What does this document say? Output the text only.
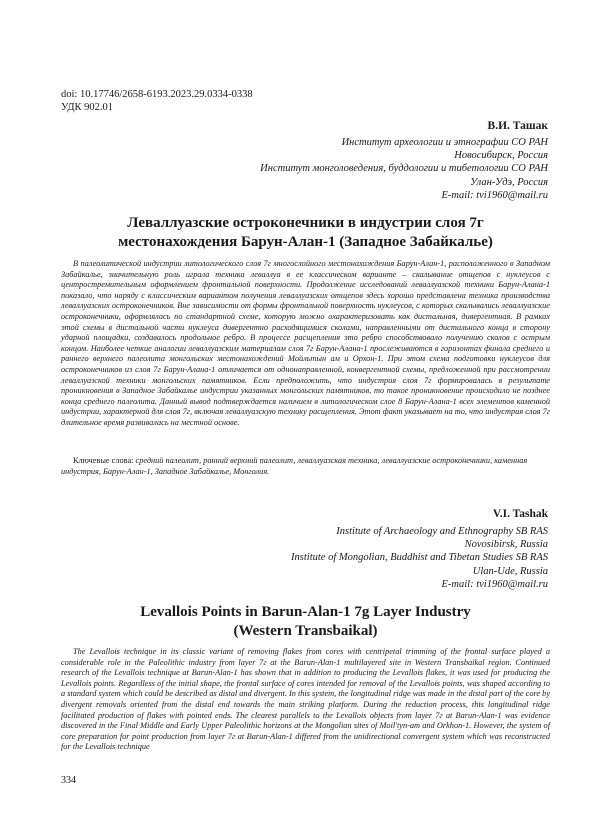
doi: 10.17746/2658-6193.2023.29.0334-0338
УДК 902.01
В.И. Ташак
Институт археологии и этнографии СО РАН
Новосибирск, Россия
Институт монголоведения, буддологии и тибетологии СО РАН
Улан-Удэ, Россия
E-mail: tvi1960@mail.ru
Леваллуазские остроконечники в индустрии слоя 7г
местонахождения Барун-Алан-1 (Западное Забайкалье)

В палеолитической индустрии литологического слоя 7г многослойного местонахождения Барун-Алан-1, расположенного в Западном Забайкалье, значительную роль играла техника леваллуа в ее классическом варианте – скалывание отщепов с нуклеусов с центростремительным оформлением фронтальной поверхности. Продолжение исследований леваллуазской техники Барун-Алана-1 показало, что наряду с классическим вариантом получения леваллуазских отщепов здесь хорошо представлена техника производства леваллуазских остроконечников. Вне зависимости от формы фронтальной поверхность нуклеусов, с которых скалывались леваллуазские остроконечники, оформлялась по стандартной схеме, которую можно охарактеризовать как дистальная, дивергентная. В рамках этой схемы в дистальной части нуклеуса дивергентно расходящимися сколами, направленными от дистального конца в сторону ударной площадки, создавалось продольное ребро. В процессе расщепления это ребро способствовало получению сколов с острым концом. Наиболее четкие аналогии леваллуазским материалам слоя 7г Барун-Алана-1 прослеживаются в горизонтах финала среднего и раннего верхнего палеолита монгольских местонахождений Мойльтын ам и Орхон-1. При этом схема подготовки нуклеусов для остроконечников из слоя 7г Барун-Алана-1 отличается от однонаправленной, конвергентной схемы, предложенной при рассмотрении леваллуазской техники монгольских памятников. Если предположить, что индустрия слоя 7г формировалась в результате проникновения в Западное Забайкалье индустрии указанных монгольских памятников, то такое проникновение происходило не позднее конца среднего палеолита. Данный вывод подтверждается наличием в литологическом слое 8 Барун-Алана-1 всех элементов каменной индустрии, характерной для слоя 7г, включая леваллуазскую технику расщепления. Этот факт указывает на то, что индустрия слоя 7г длительное время развивалась на местной основе.

Ключевые слова: средний палеолит, ранний верхний палеолит, леваллуазская техника, леваллуазские остроконечники, каменная индустрия, Барун-Алан-1, Западное Забайкалье, Монголия.

V.I. Tashak
Institute of Archaeology and Ethnography SB RAS
Novosibirsk, Russia
Institute of Mongolian, Buddhist and Tibetan Studies SB RAS
Ulan-Ude, Russia
E-mail: tvi1960@mail.ru
Levallois Points in Barun-Alan-1 7g Layer Industry
(Western Transbaikal)

The Levallois technique in its classic variant of removing flakes from cores with centripetal trimming of the frontal surface played a considerable role in the Paleolithic industry from layer 7г at the Barun-Alan-1 multilayered site in Western Transbaikal region. Continued research of the Levallois technique at Barun-Alan-1 has shown that in addition to producing the Levallois flakes, it was used for producing the Levallois points. Regardless of the initial shape, the frontal surface of cores intended for removal of the Levallois points, was shaped according to a standard system which could be described as distal and divergent. In this system, the longitudinal ridge was made in the distal part of the core by divergent removals oriented from the distal end towards the main striking platform. During the reduction process, this longitudinal ridge facilitated production of flakes with pointed ends. The clearest parallels to the Levallois objects from layer 7г at Barun-Alan-1 was evidence discovered in the Final Middle and Early Upper Paleolithic horizons at the Mongolian sites of Moil'tyn-am and Orkhon-1. However, the system of core preparation for point production from layer 7г at Barun-Alan-1 differed from the unidirectional convergent system which was reconstructed for the Levallois technique

334
